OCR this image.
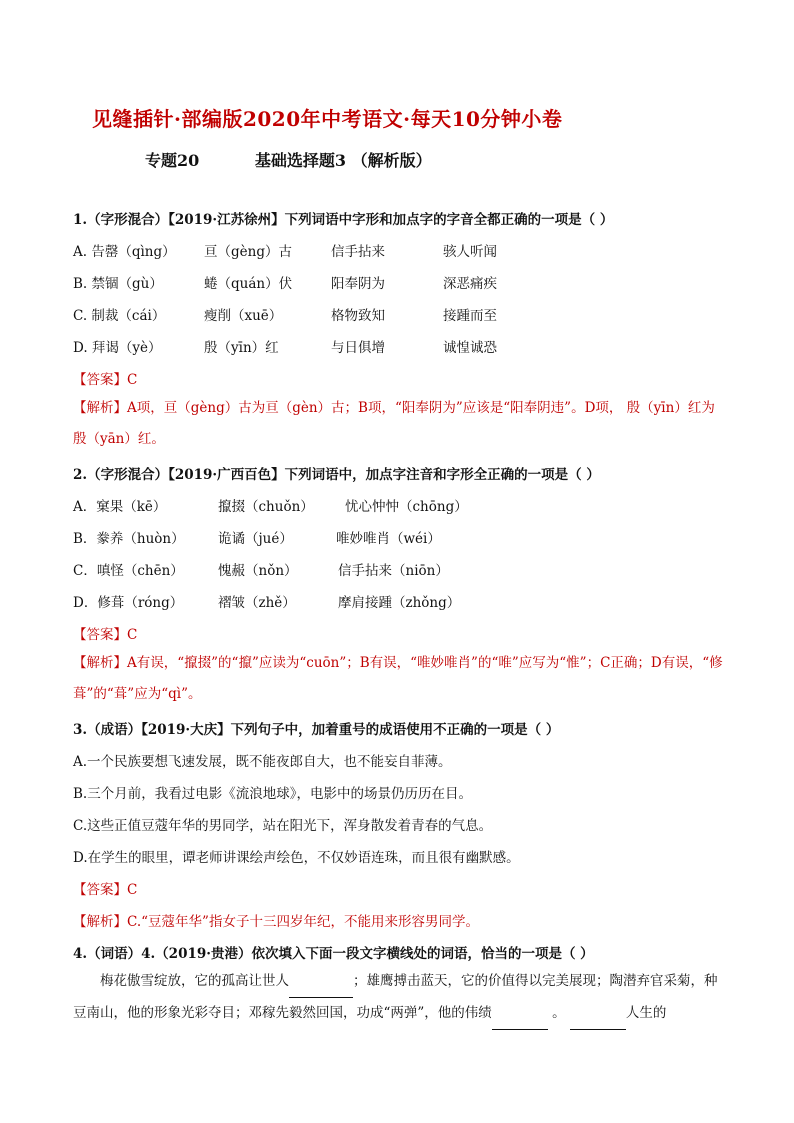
见缝插针·部编版2020年中考语文·每天10分钟小卷
专题20	基础选择题3 （解析版）
1.（字形混合）【2019·江苏徐州】下列词语中字形和加点字的字音全都正确的一项是（ ）
A. 告罄（qìng） 亘（gèng）古	信手拈来	骇人听闻
B. 禁锢（gù）	蜷（quán）伏	阳奉阴为	深恶痛疾
C. 制裁（cái）	瘦削（xuē）	格物致知	接踵而至
D. 拜谒（yè）	殷（yīn）红	与日俱增	诚惶诚恐
【答案】C
【解析】A项，亘（gèng）古为亘（gèn）古；B项，“阳奉阴为”应该是“阳奉阴违”。D项， 殷（yīn）红为殷（yān）红。
2.（字形混合）【2019·广西百色】下列词语中，加点字注音和字形全正确的一项是（ ）
A．窠果（kē）	攛掇（chuǒn） 忧心忡忡（chōng）
B．豢养（huòn） 诡谲（jué）	唯妙唯肖（wéi）
C．嗔怪（chēn）	愧赧（nǒn）	信手拈来（niōn）
D．修葺（róng）	褶皱（zhě）	摩肩接踵（zhǒng）
【答案】C
【解析】A有误，“攛掇”的“攛”应读为“cuōn”；B有误，“唯妙唯肖”的“唯”应写为“惟”；C正确；D有误，“修葺”的“葺”应为“qì”。
3.（成语）【2019·大庆】下列句子中，加着重号的成语使用不正确的一项是（ ）
A.一个民族要想飞速发展，既不能夜郎自大，也不能妄自菲薄。
B.三个月前，我看过电影《流浪地球》，电影中的场景仍历历在目。
C.这些正值豆蔻年华的男同学，站在阳光下，浑身散发着青春的气息。
D.在学生的眼里，谭老师讲课绘声绘色，不仅妙语连珠，而且很有幽默感。
【答案】C
【解析】C.“豆蔻年华”指女子十三四岁年纪，不能用来形容男同学。
4.（词语）4.（2019·贵港）依次填入下面一段文字横线处的词语，恰当的一项是（ ）
梅花傲雪绽放，它的孤高让世人	；雄鹰搏击蓝天，它的价值得以完美展现；陶潜弃官采菊，种豆南山，他的形象光彩夺目；邓稼先毅然回国，功成“两弹”，他的伟绩	。	人生的
